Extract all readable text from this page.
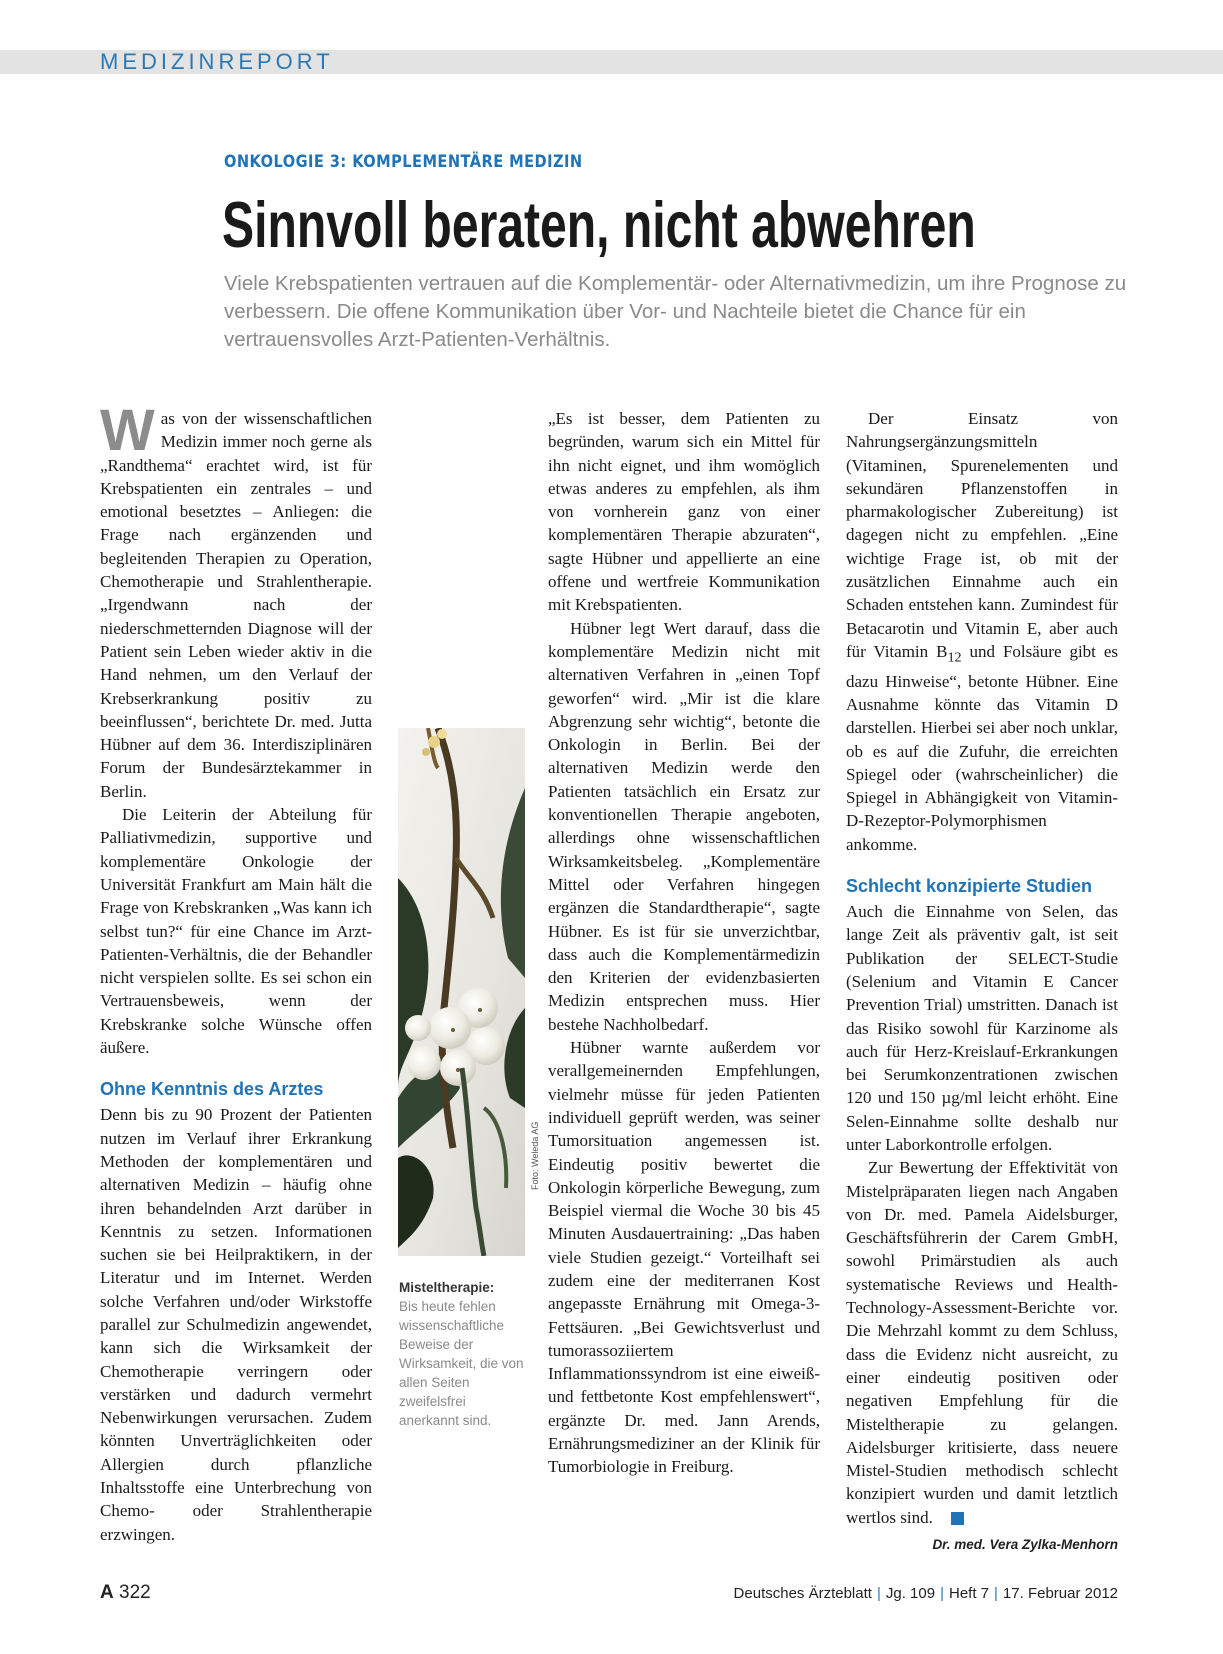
MEDIZINREPORT
ONKOLOGIE 3: KOMPLEMENTÄRE MEDIZIN
Sinnvoll beraten, nicht abwehren

Viele Krebspatienten vertrauen auf die Komplementär- oder Alternativmedizin, um ihre Prognose zu verbessern. Die offene Kommunikation über Vor- und Nachteile bietet die Chance für ein vertrauensvolles Arzt-Patienten-Verhältnis.

Was von der wissenschaftlichen Medizin immer noch gerne als „Randthema“ erachtet wird, ist für Krebspatienten ein zentrales – und emotional besetztes – Anliegen: die Frage nach ergänzenden und begleitenden Therapien zu Operation, Chemotherapie und Strahlentherapie. „Irgendwann nach der niederschmetternden Diagnose will der Patient sein Leben wieder aktiv in die Hand nehmen, um den Verlauf der Krebserkrankung positiv zu beeinflussen“, berichtete Dr. med. Jutta Hübner auf dem 36. Interdisziplinären Forum der Bundesärztekammer in Berlin.

Die Leiterin der Abteilung für Palliativmedizin, supportive und komplementäre Onkologie der Universität Frankfurt am Main hält die Frage von Krebskranken „Was kann ich selbst tun?“ für eine Chance im Arzt-Patienten-Verhältnis, die der Behandler nicht verspielen sollte. Es sei schon ein Vertrauensbeweis, wenn der Krebskranke solche Wünsche offen äußere.

Ohne Kenntnis des Arztes

Denn bis zu 90 Prozent der Patienten nutzen im Verlauf ihrer Erkrankung Methoden der komplementären und alternativen Medizin – häufig ohne ihren behandelnden Arzt darüber in Kenntnis zu setzen. Informationen suchen sie bei Heilpraktikern, in der Literatur und im Internet. Werden solche Verfahren und/oder Wirkstoffe parallel zur Schulmedizin angewendet, kann sich die Wirksamkeit der Chemotherapie verringern oder verstärken und dadurch vermehrt Nebenwirkungen verursachen. Zudem könnten Unverträglichkeiten oder Allergien durch pflanzliche Inhaltsstoffe eine Unterbrechung von Chemo- oder Strahlentherapie erzwingen.

Foto: Weleda AG
Misteltherapie:
Bis heute fehlen wissenschaftliche Beweise der Wirksamkeit, die von allen Seiten zweifelsfrei anerkannt sind.

„Es ist besser, dem Patienten zu begründen, warum sich ein Mittel für ihn nicht eignet, und ihm womöglich etwas anderes zu empfehlen, als ihm von vornherein ganz von einer komplementären Therapie abzuraten“, sagte Hübner und appellierte an eine offene und wertfreie Kommunikation mit Krebspatienten.

Hübner legt Wert darauf, dass die komplementäre Medizin nicht mit alternativen Verfahren in „einen Topf geworfen“ wird. „Mir ist die klare Abgrenzung sehr wichtig“, betonte die Onkologin in Berlin. Bei der alternativen Medizin werde den Patienten tatsächlich ein Ersatz zur konventionellen Therapie angeboten, allerdings ohne wissenschaftlichen Wirksamkeitsbeleg. „Komplementäre Mittel oder Verfahren hingegen ergänzen die Standardtherapie“, sagte Hübner. Es ist für sie unverzichtbar, dass auch die Komplementärmedizin den Kriterien der evidenzbasierten Medizin entsprechen muss. Hier bestehe Nachholbedarf.

Hübner warnte außerdem vor verallgemeinernden Empfehlungen, vielmehr müsse für jeden Patienten individuell geprüft werden, was seiner Tumorsituation angemessen ist. Eindeutig positiv bewertet die Onkologin körperliche Bewegung, zum Beispiel viermal die Woche 30 bis 45 Minuten Ausdauertraining: „Das haben viele Studien gezeigt.“ Vorteilhaft sei zudem eine der mediterranen Kost angepasste Ernährung mit Omega-3-Fettsäuren. „Bei Gewichtsverlust und tumorassoziiertem Inflammationssyndrom ist eine eiweiß- und fettbetonte Kost empfehlenswert“, ergänzte Dr. med. Jann Arends, Ernährungsmediziner an der Klinik für Tumorbiologie in Freiburg.

Der Einsatz von Nahrungsergänzungsmitteln (Vitaminen, Spurenelementen und sekundären Pflanzenstoffen in pharmakologischer Zubereitung) ist dagegen nicht zu empfehlen. „Eine wichtige Frage ist, ob mit der zusätzlichen Einnahme auch ein Schaden entstehen kann. Zumindest für Betacarotin und Vitamin E, aber auch für Vitamin $B_{12}$ und Folsäure gibt es dazu Hinweise“, betonte Hübner. Eine Ausnahme könnte das Vitamin D darstellen. Hierbei sei aber noch unklar, ob es auf die Zufuhr, die erreichten Spiegel oder (wahrscheinlicher) die Spiegel in Abhängigkeit von Vitamin-D-Rezeptor-Polymorphismen ankomme.

Schlecht konzipierte Studien

Auch die Einnahme von Selen, das lange Zeit als präventiv galt, ist seit Publikation der SELECT-Studie (Selenium and Vitamin E Cancer Prevention Trial) umstritten. Danach ist das Risiko sowohl für Karzinome als auch für Herz-Kreislauf-Erkrankungen bei Serumkonzentrationen zwischen 120 und 150 µg/ml leicht erhöht. Eine Selen-Einnahme sollte deshalb nur unter Laborkontrolle erfolgen.

Zur Bewertung der Effektivität von Mistelpräparaten liegen nach Angaben von Dr. med. Pamela Aidelsburger, Geschäftsführerin der Carem GmbH, sowohl Primärstudien als auch systematische Reviews und Health-Technology-Assessment-Berichte vor. Die Mehrzahl kommt zu dem Schluss, dass die Evidenz nicht ausreicht, zu einer eindeutig positiven oder negativen Empfehlung für die Misteltherapie zu gelangen. Aidelsburger kritisierte, dass neuere Mistel-Studien methodisch schlecht konzipiert wurden und damit letztlich wertlos sind.

Dr. med. Vera Zylka-Menhorn
A 322	Deutsches Ärzteblatt | Jg. 109 | Heft 7 | 17. Februar 2012
